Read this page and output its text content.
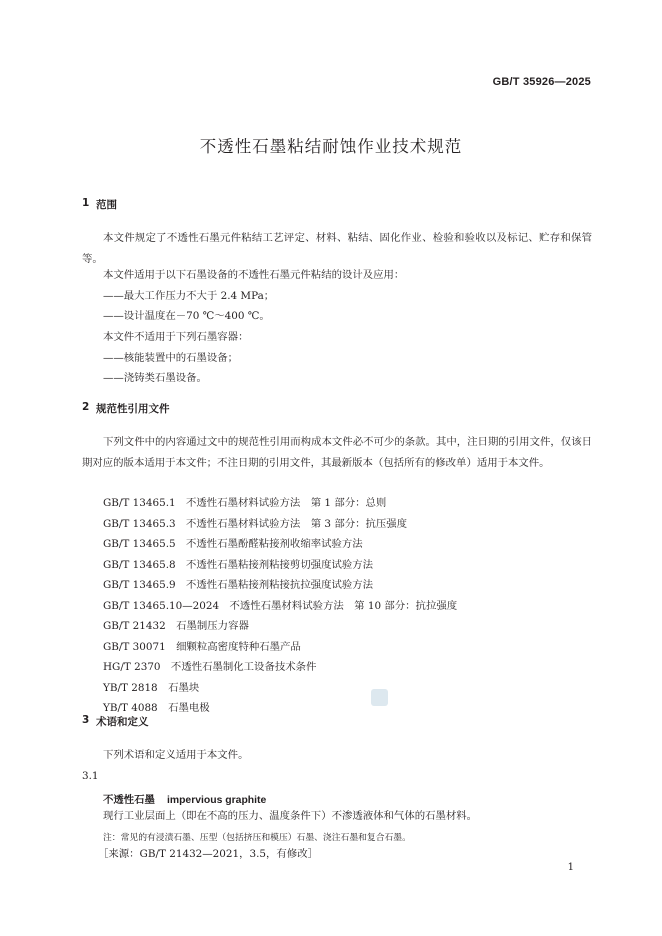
GB/T 35926—2025
不透性石墨粘结耐蚀作业技术规范
1 范围
本文件规定了不透性石墨元件粘结工艺评定、材料、粘结、固化作业、检验和验收以及标记、贮存和保管等。
本文件适用于以下石墨设备的不透性石墨元件粘结的设计及应用：
——最大工作压力不大于 2.4 MPa；
——设计温度在－70 ℃～400 ℃。
本文件不适用于下列石墨容器：
——核能装置中的石墨设备；
——浇铸类石墨设备。
2 规范性引用文件
下列文件中的内容通过文中的规范性引用而构成本文件必不可少的条款。其中，注日期的引用文件，仅该日期对应的版本适用于本文件；不注日期的引用文件，其最新版本（包括所有的修改单）适用于本文件。
GB/T 13465.1　不透性石墨材料试验方法　第 1 部分：总则
GB/T 13465.3　不透性石墨材料试验方法　第 3 部分：抗压强度
GB/T 13465.5　不透性石墨酚醛粘接剂收缩率试验方法
GB/T 13465.8　不透性石墨粘接剂粘接剪切强度试验方法
GB/T 13465.9　不透性石墨粘接剂粘接抗拉强度试验方法
GB/T 13465.10—2024　不透性石墨材料试验方法　第 10 部分：抗拉强度
GB/T 21432　石墨制压力容器
GB/T 30071　细颗粒高密度特种石墨产品
HG/T 2370　不透性石墨制化工设备技术条件
YB/T 2818　石墨块
YB/T 4088　石墨电极
3 术语和定义
下列术语和定义适用于本文件。
3.1
不透性石墨 impervious graphite
现行工业层面上（即在不高的压力、温度条件下）不渗透液体和气体的石墨材料。
注：常见的有浸渍石墨、压型（包括挤压和模压）石墨、浇注石墨和复合石墨。
［来源：GB/T 21432—2021，3.5，有修改］
1
